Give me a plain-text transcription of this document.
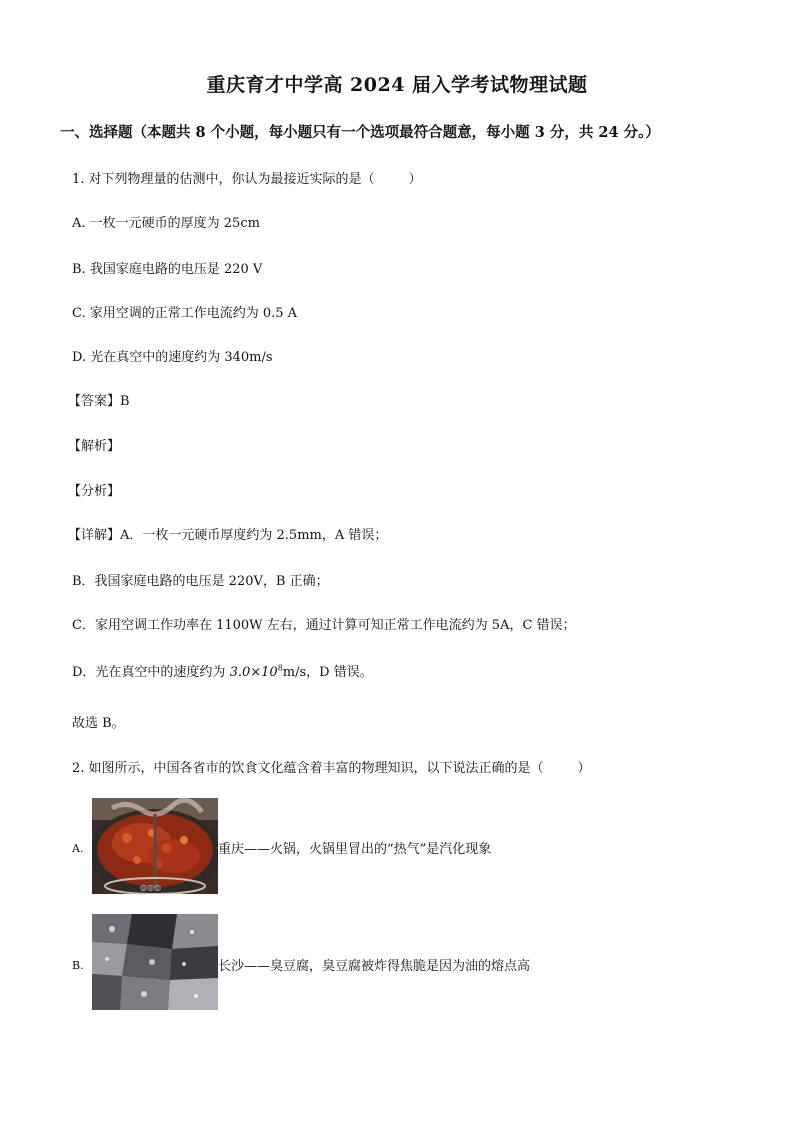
重庆育才中学高 2024 届入学考试物理试题
一、选择题（本题共 8 个小题，每小题只有一个选项最符合题意，每小题 3 分，共 24 分。）
1. 对下列物理量的估测中，你认为最接近实际的是（	）
A. 一枚一元硬币的厚度为 25cm
B. 我国家庭电路的电压是 220 V
C. 家用空调的正常工作电流约为 0.5 A
D. 光在真空中的速度约为 340m/s
【答案】B
【解析】
【分析】
【详解】A．一枚一元硬币厚度约为 2.5mm，A 错误；
B．我国家庭电路的电压是 220V，B 正确；
C．家用空调工作功率在 1100W 左右，通过计算可知正常工作电流约为 5A，C 错误；
D．光在真空中的速度约为 $3.0\times 10^8m/s$，D 错误。
故选 B。
2. 如图所示，中国各省市的饮食文化蕴含着丰富的物理知识，以下说法正确的是（	）
A.
◎◎◎
重庆——火锅，火锅里冒出的“热气”是汽化现象
B.	长沙——臭豆腐，臭豆腐被炸得焦脆是因为油的熔点高
